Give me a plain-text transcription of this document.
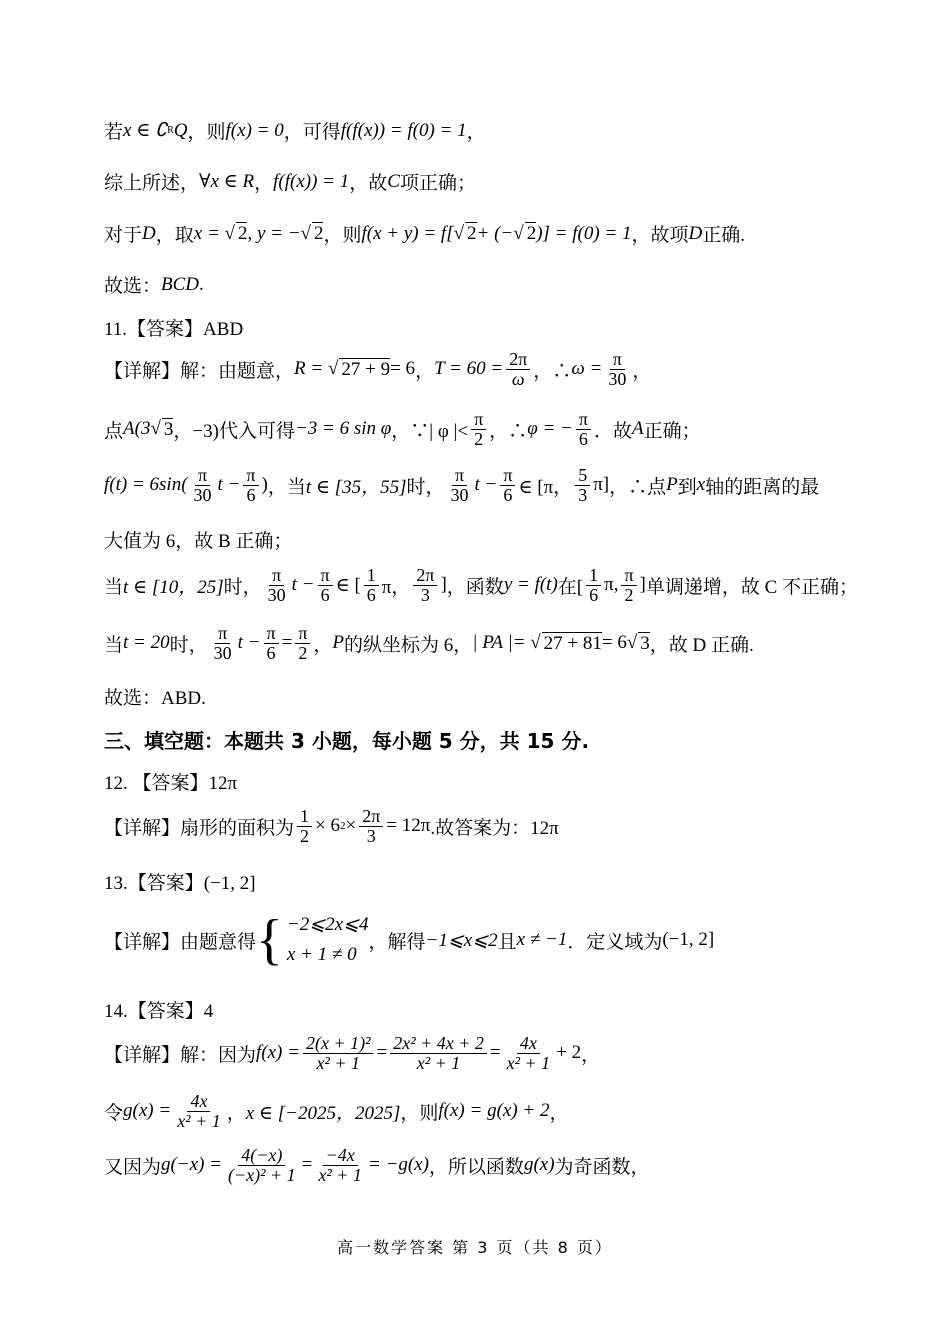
若 x ∈ ∁ R Q ，则 f(x) = 0 ，可得 f(f(x)) = f(0) = 1 ，
综上所述， ∀x ∈ R ， f(f(x)) = 1 ，故 C 项正确；
对于 D ，取 x = √ 2 , y = −√ 2 ，则 f(x + y) = f[√ 2 + (−√ 2 )] = f(0) = 1 ，故项 D 正确.
故选： BCD .
11.【答案】ABD
【详解】解：由题意， R = √ 27 + 9 = 6 ， $T = 60 = \frac{2\pi}{\omega}$ ，∴ $\omega = \frac{\pi}{30}$ ，
点 A(3√ 3 ，−3) 代入可得 −3 = 6 sin φ ，∵| φ |< $\frac{\pi}{2}$ ，∴ φ = − $\frac{\pi}{6}$ ．故 A 正确；
$f(t) = 6\sin( \frac{\pi}{30}$ $t - \frac{\pi}{6}$ ) ，当 t ∈ [35，55] 时， $\frac{\pi}{30}$ $t - \frac{\pi}{6}$ ∈ [π， $\frac{5}{3} \pi$] ，∴点 P 到 x 轴的距离的最
大值为 6，故 B 正确；
当 t ∈ [10，25] 时， $\frac{\pi}{30}$ $t - \frac{\pi}{6}$ ∈ [ $\frac{1}{6}$ π， $\frac{2\pi}{3}$ ] ，函数 y = f(t) 在[ $\frac{1}{6} \pi$, $\frac{\pi}{2}$ ] 单调递增，故 C 不正确；
当 t = 20 时， $\frac{\pi}{30}$ $t - \frac{\pi}{6} = \frac{\pi}{2}$ ， P 的纵坐标为 6， | PA |= √ 27 + 81 = 6√ 3 ，故 D 正确.
故选：ABD.
三、填空题：本题共 3 小题，每小题 5 分，共 15 分.
12. 【答案】12π
【详解】扇形的面积为 $\frac{1}{2} \times 6$ $2 \times \frac{2\pi}{3} = 12\pi$ .故答案为：12π
13.【答案】(−1, 2]
【详解】由题意得 { −2⩽2x⩽4
x + 1 ≠ 0
，解得 −1⩽x⩽2 且 x ≠ −1 ．定义域为 (−1, 2]
14.【答案】4
【详解】解：因为 $f(x) = \frac{\text{2(x + 1)²}}{\text{x² + 1}} = \frac{\text{2x² + 4x + 2}}{\text{x² + 1}} = \frac{4x}{\text{x² + 1}} + 2$ ，
令 $g(x) = \frac{4x}{\text{x² + 1}}$ ， x ∈ [−2025，2025] ，则 f(x) = g(x) + 2 ，
又因为 $g(-x) = \frac{4(-x)}{\text{(−x)² + 1}} = \frac{-4x}{\text{x² + 1}} = -g(x)$ ，所以函数 g(x) 为奇函数，
高一数学答案 第 3 页（共 8 页）
